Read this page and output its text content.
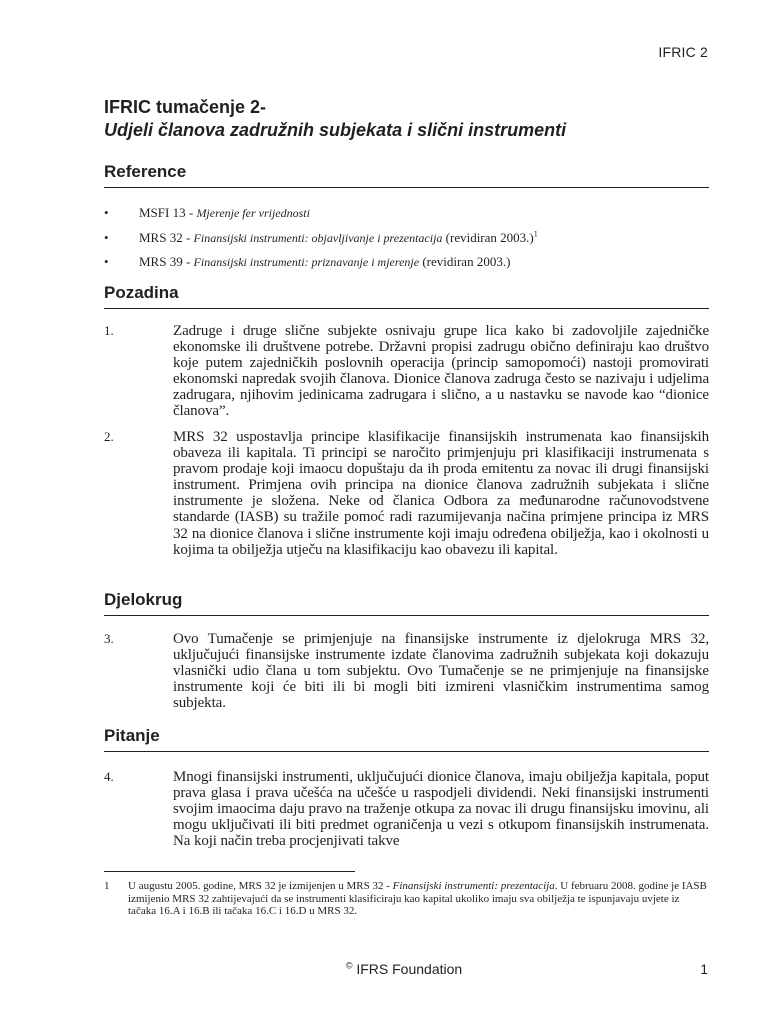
IFRIC 2
IFRIC tumačenje 2-
Udjeli članova zadružnih subjekata i slični instrumenti
Reference
• MSFI 13 - Mjerenje fer vrijednosti
• MRS 32 - Finansijski instrumenti: objavljivanje i prezentacija (revidiran 2003.)$^1$
• MRS 39 - Finansijski instrumenti: priznavanje i mjerenje (revidiran 2003.)
Pozadina
1.	Zadruge i druge slične subjekte osnivaju grupe lica kako bi zadovoljile zajedničke ekonomske ili društvene potrebe. Državni propisi zadrugu obično definiraju kao društvo koje putem zajedničkih poslovnih operacija (princip samopomoći) nastoji promovirati ekonomski napredak svojih članova. Dionice članova zadruga često se nazivaju i udjelima zadrugara, njihovim jedinicama zadrugara i slično, a u nastavku se navode kao “dionice članova”.
2.	MRS 32 uspostavlja principe klasifikacije finansijskih instrumenata kao finansijskih obaveza ili kapitala. Ti principi se naročito primjenjuju pri klasifikaciji instrumenata s pravom prodaje koji imaocu dopuštaju da ih proda emitentu za novac ili drugi finansijski instrument. Primjena ovih principa na dionice članova zadružnih subjekata i slične instrumente je složena. Neke od članica Odbora za međunarodne računovodstvene standarde (IASB) su tražile pomoć radi razumijevanja načina primjene principa iz MRS 32 na dionice članova i slične instrumente koji imaju određena obilježja, kao i okolnosti u kojima ta obilježja utječu na klasifikaciju kao obavezu ili kapital.
Djelokrug
3.	Ovo Tumačenje se primjenjuje na finansijske instrumente iz djelokruga MRS 32, uključujući finansijske instrumente izdate članovima zadružnih subjekata koji dokazuju vlasnički udio člana u tom subjektu. Ovo Tumačenje se ne primjenjuje na finansijske instrumente koji će biti ili bi mogli biti izmireni vlasničkim instrumentima samog subjekta.
Pitanje
4.	Mnogi finansijski instrumenti, uključujući dionice članova, imaju obilježja kapitala, poput prava glasa i prava učešća na učešće u raspodjeli dividendi. Neki finansijski instrumenti svojim imaocima daju pravo na traženje otkupa za novac ili drugu finansijsku imovinu, ali mogu uključivati ili biti predmet ograničenja u vezi s otkupom finansijskih instrumenata. Na koji način treba procjenjivati takve
1 U augustu 2005. godine, MRS 32 je izmijenjen u MRS 32 - Finansijski instrumenti: prezentacija. U februaru 2008. godine je IASB izmijenio MRS 32 zahtijevajući da se instrumenti klasificiraju kao kapital ukoliko imaju sva obilježja te ispunjavaju uvjete iz tačaka 16.A i 16.B ili tačaka 16.C i 16.D u MRS 32.
© IFRS Foundation	1
